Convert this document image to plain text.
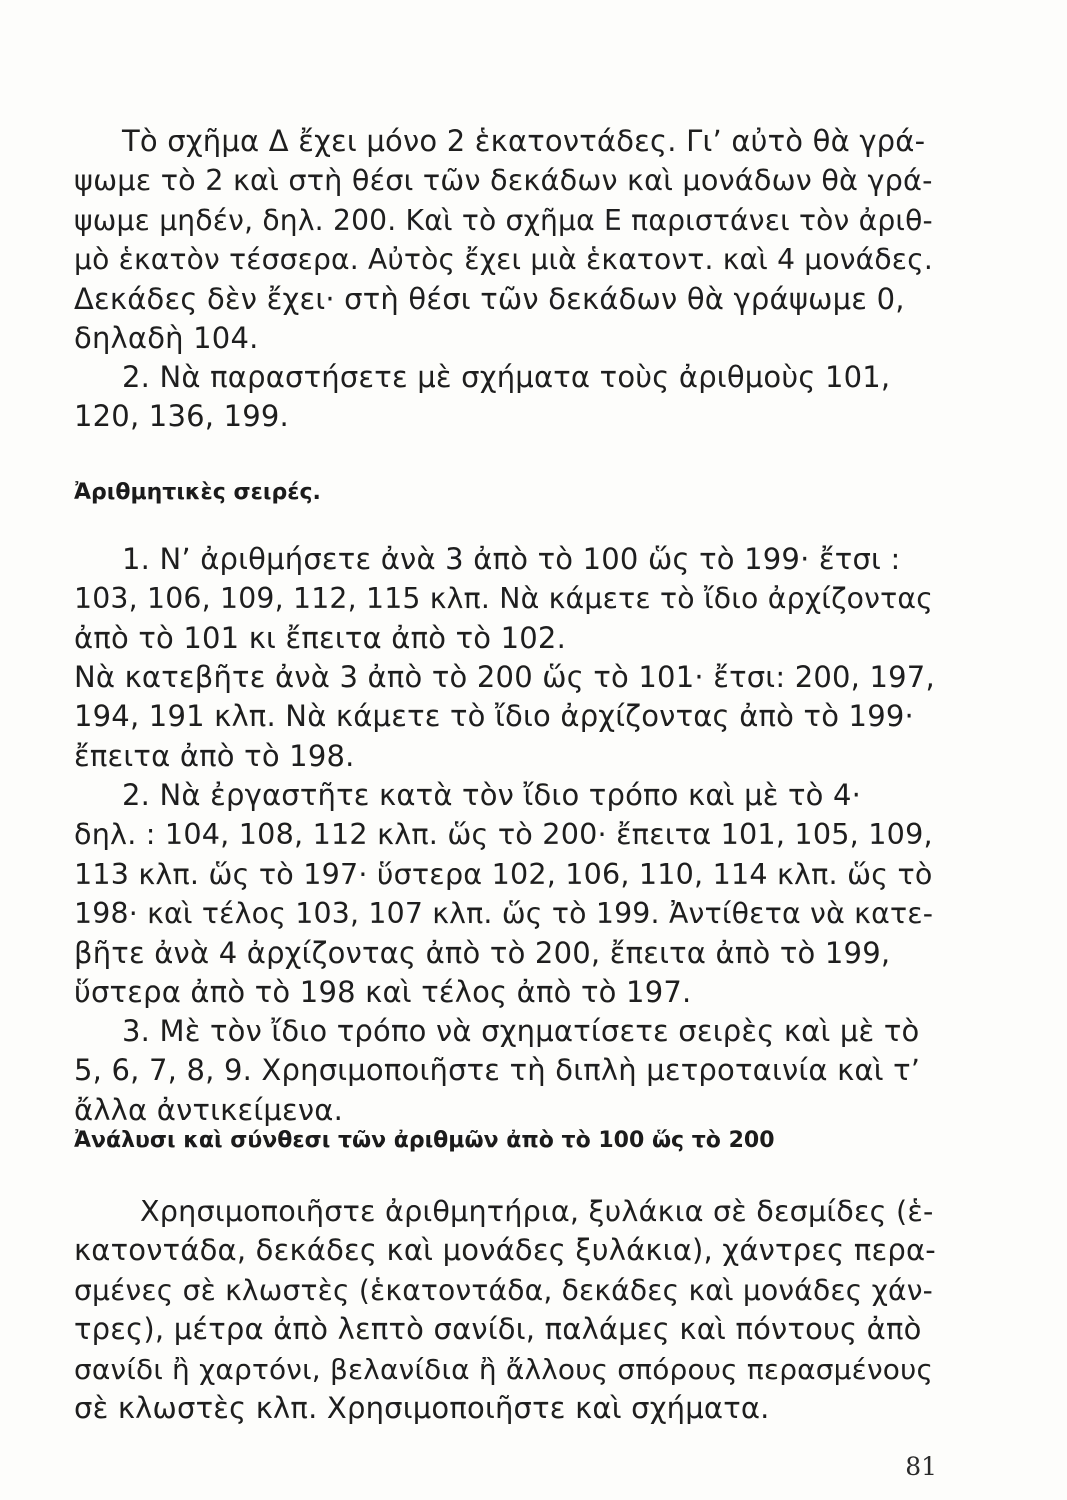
Τὸ σχῆμα Δ ἔχει μόνο 2 ἑκατοντάδες. Γι’ αὐτὸ θὰ γρά-
ψωμε τὸ 2 καὶ στὴ θέσι τῶν δεκάδων καὶ μονάδων θὰ γρά-
ψωμε μηδέν, δηλ. 200. Καὶ τὸ σχῆμα Ε παριστάνει τὸν ἀριθ-
μὸ ἑκατὸν τέσσερα. Αὐτὸς ἔχει μιὰ ἑκατοντ. καὶ 4 μονάδες.
Δεκάδες δὲν ἔχει· στὴ θέσι τῶν δεκάδων θὰ γράψωμε 0,
δηλαδὴ 104.
2. Νὰ παραστήσετε μὲ σχήματα τοὺς ἀριθμοὺς 101,
120, 136, 199.

Ἀριθμητικὲς σειρές.

1. Ν’ ἀριθμήσετε ἀνὰ 3 ἀπὸ τὸ 100 ὥς τὸ 199· ἔτσι :
103, 106, 109, 112, 115 κλπ. Νὰ κάμετε τὸ ἴδιο ἀρχίζοντας
ἀπὸ τὸ 101 κι ἔπειτα ἀπὸ τὸ 102.
Νὰ κατεβῆτε ἀνὰ 3 ἀπὸ τὸ 200 ὥς τὸ 101· ἔτσι: 200, 197,
194, 191 κλπ. Νὰ κάμετε τὸ ἴδιο ἀρχίζοντας ἀπὸ τὸ 199·
ἔπειτα ἀπὸ τὸ 198.
2. Νὰ ἐργαστῆτε κατὰ τὸν ἴδιο τρόπο καὶ μὲ τὸ 4·
δηλ. : 104, 108, 112 κλπ. ὥς τὸ 200· ἔπειτα 101, 105, 109,
113 κλπ. ὥς τὸ 197· ὕστερα 102, 106, 110, 114 κλπ. ὥς τὸ
198· καὶ τέλος 103, 107 κλπ. ὥς τὸ 199. Ἀντίθετα νὰ κατε-
βῆτε ἀνὰ 4 ἀρχίζοντας ἀπὸ τὸ 200, ἔπειτα ἀπὸ τὸ 199,
ὕστερα ἀπὸ τὸ 198 καὶ τέλος ἀπὸ τὸ 197.
3. Μὲ τὸν ἴδιο τρόπο νὰ σχηματίσετε σειρὲς καὶ μὲ τὸ
5, 6, 7, 8, 9. Χρησιμοποιῆστε τὴ διπλὴ μετροταινία καὶ τ’
ἄλλα ἀντικείμενα.

Ἀνάλυσι καὶ σύνθεσι τῶν ἀριθμῶν ἀπὸ τὸ 100 ὥς τὸ 200

Χρησιμοποιῆστε ἀριθμητήρια, ξυλάκια σὲ δεσμίδες (ἑ-
κατοντάδα, δεκάδες καὶ μονάδες ξυλάκια), χάντρες περα-
σμένες σὲ κλωστὲς (ἑκατοντάδα, δεκάδες καὶ μονάδες χάν-
τρες), μέτρα ἀπὸ λεπτὸ σανίδι, παλάμες καὶ πόντους ἀπὸ
σανίδι ἢ χαρτόνι, βελανίδια ἢ ἄλλους σπόρους περασμένους
σὲ κλωστὲς κλπ. Χρησιμοποιῆστε καὶ σχήματα.

81
